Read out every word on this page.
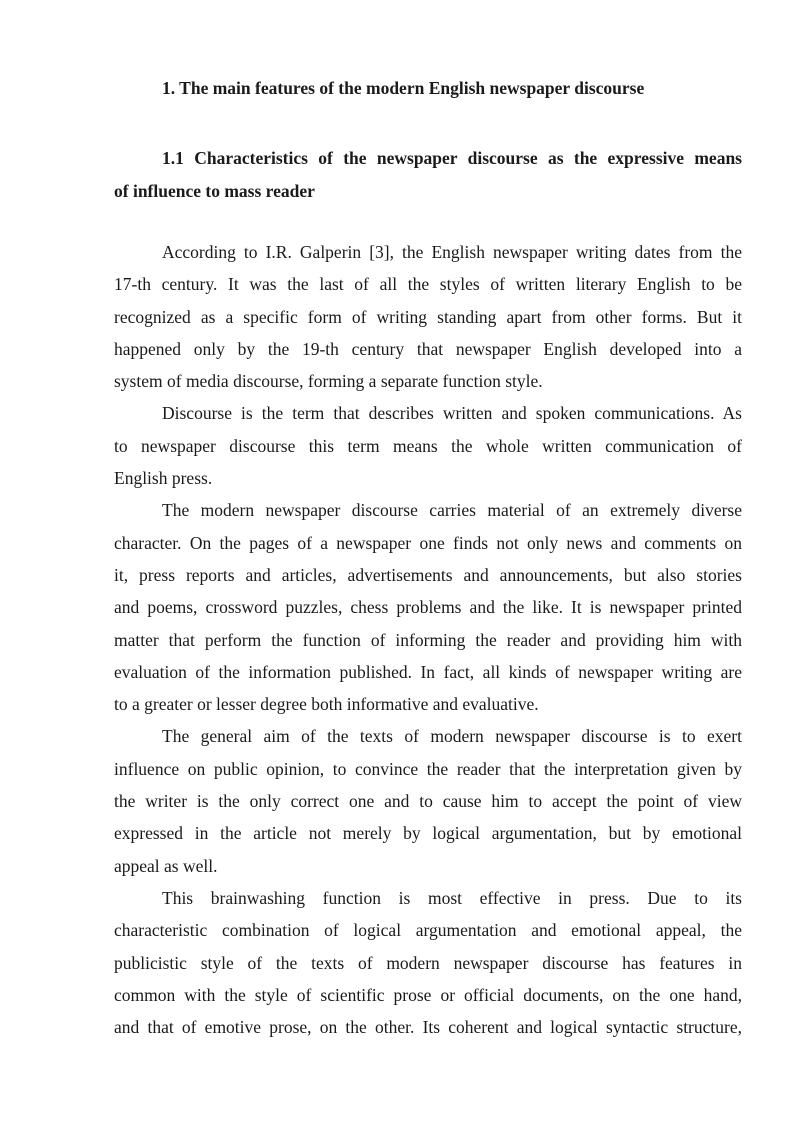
1. The main features of the modern English newspaper discourse
1.1 Characteristics of the newspaper discourse as the expressive means
of influence to mass reader

According to I.R. Galperin [3], the English newspaper writing dates from the
17-th century. It was the last of all the styles of written literary English to be
recognized as a specific form of writing standing apart from other forms. But it
happened only by the 19-th century that newspaper English developed into a
system of media discourse, forming a separate function style.

Discourse is the term that describes written and spoken communications. As
to newspaper discourse this term means the whole written communication of
English press.

The modern newspaper discourse carries material of an extremely diverse
character. On the pages of a newspaper one finds not only news and comments on
it, press reports and articles, advertisements and announcements, but also stories
and poems, crossword puzzles, chess problems and the like. It is newspaper printed
matter that perform the function of informing the reader and providing him with
evaluation of the information published. In fact, all kinds of newspaper writing are
to a greater or lesser degree both informative and evaluative.

The general aim of the texts of modern newspaper discourse is to exert
influence on public opinion, to convince the reader that the interpretation given by
the writer is the only correct one and to cause him to accept the point of view
expressed in the article not merely by logical argumentation, but by emotional
appeal as well.

This brainwashing function is most effective in press. Due to its
characteristic combination of logical argumentation and emotional appeal, the
publicistic style of the texts of modern newspaper discourse has features in
common with the style of scientific prose or official documents, on the one hand,
and that of emotive prose, on the other. Its coherent and logical syntactic structure,
